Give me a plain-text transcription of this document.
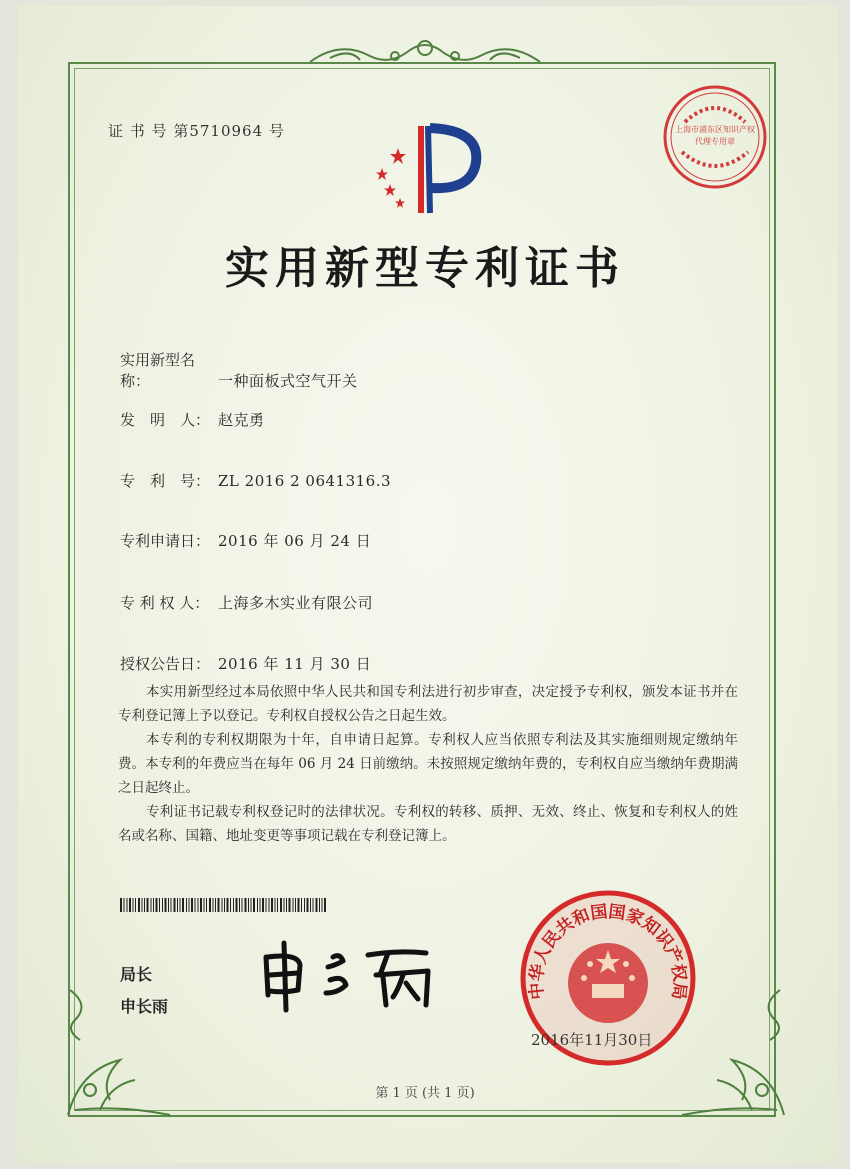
证 书 号 第5710964 号	上海市浦东区知识产权
代理专用章
实用新型专利证书
实用新型名称：	一种面板式空气开关
发　明　人： 赵克勇
专　利　号： ZL 2016 2 0641316.3
专利申请日： 2016 年 06 月 24 日
专 利 权 人： 上海多木实业有限公司
授权公告日： 2016 年 11 月 30 日

本实用新型经过本局依照中华人民共和国专利法进行初步审查，决定授予专利权，颁发本证书并在专利登记簿上予以登记。专利权自授权公告之日起生效。

本专利的专利权期限为十年，自申请日起算。专利权人应当依照专利法及其实施细则规定缴纳年费。本专利的年费应当在每年 06 月 24 日前缴纳。未按照规定缴纳年费的，专利权自应当缴纳年费期满之日起终止。

专利证书记载专利权登记时的法律状况。专利权的转移、质押、无效、终止、恢复和专利权人的姓名或名称、国籍、地址变更等事项记载在专利登记簿上。

局长
申长雨
中华人民共和国国家知识产权局
2016年11月30日
第 1 页 (共 1 页)
